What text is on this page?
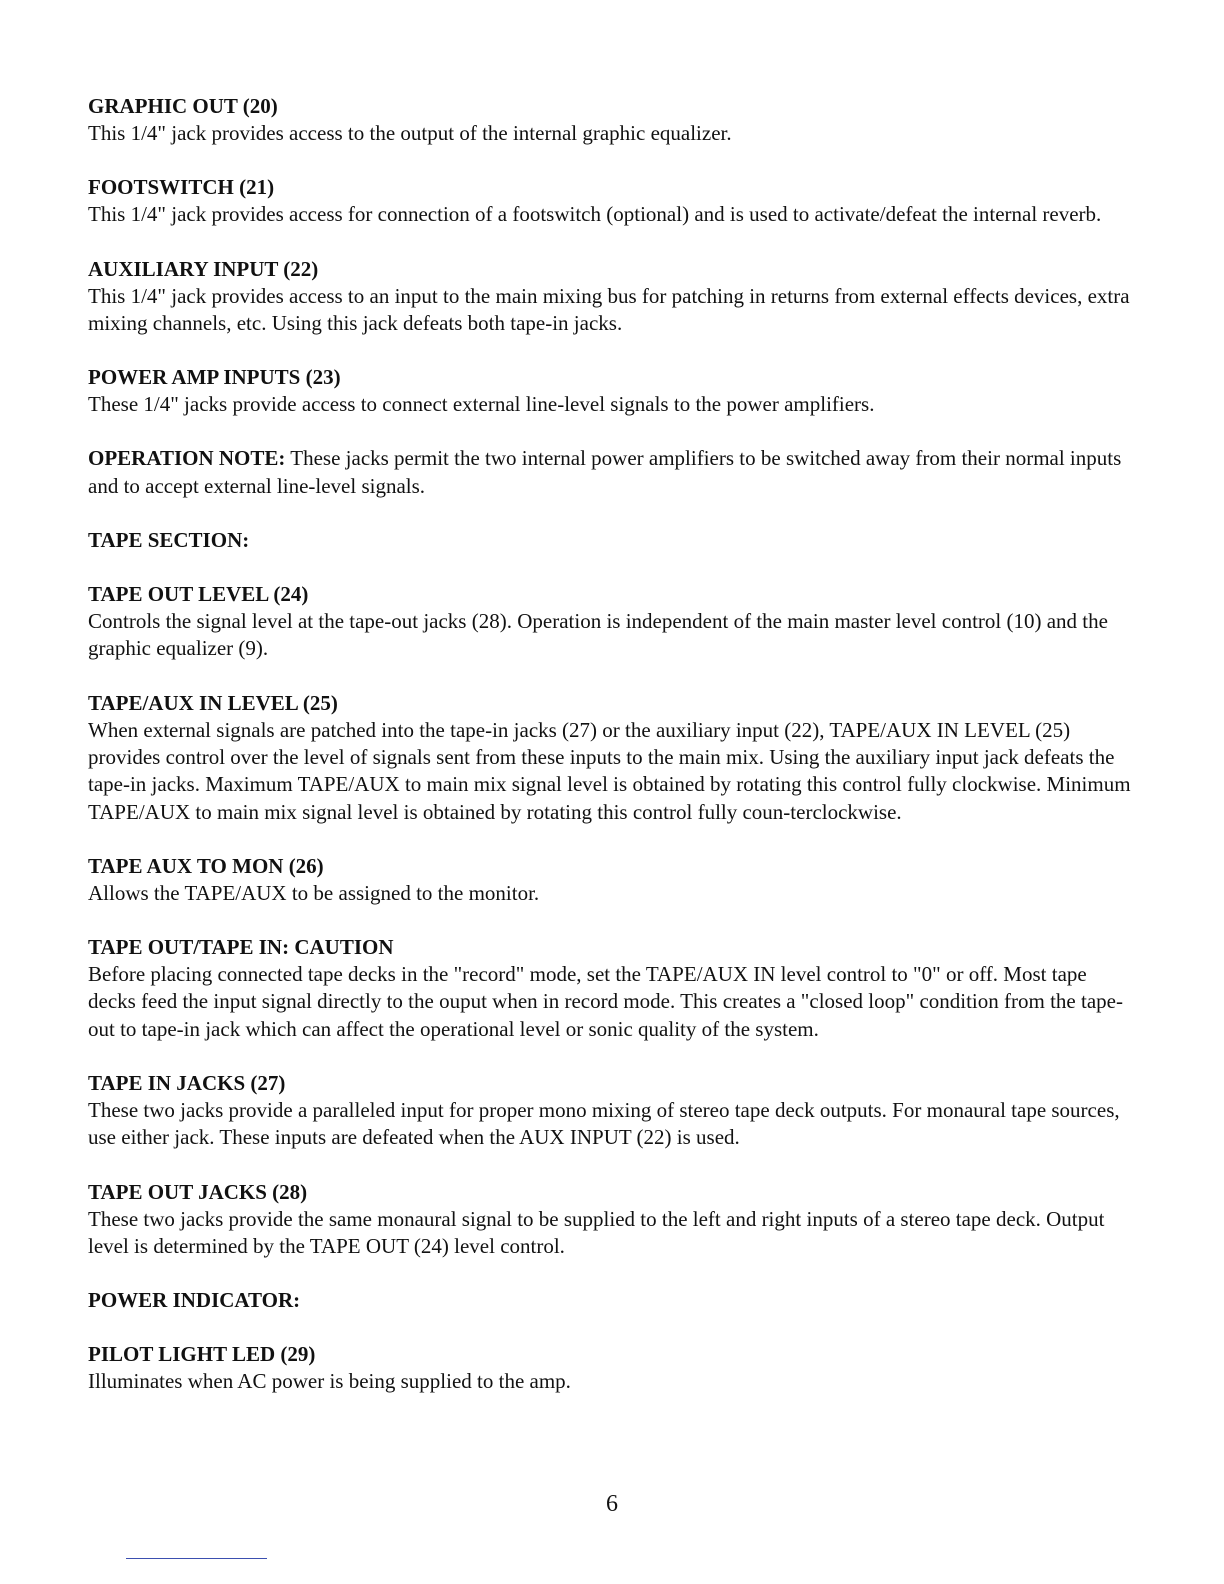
GRAPHIC OUT (20)

This 1/4" jack provides access to the output of the internal graphic equalizer.

FOOTSWITCH (21)

This 1/4" jack provides access for connection of a footswitch (optional) and is used to activate/defeat the internal reverb.

AUXILIARY INPUT (22)

This 1/4" jack provides access to an input to the main mixing bus for patching in returns from external effects devices, extra mixing channels, etc. Using this jack defeats both tape-in jacks.

POWER AMP INPUTS (23)

These 1/4" jacks provide access to connect external line-level signals to the power amplifiers.

OPERATION NOTE: These jacks permit the two internal power amplifiers to be switched away from their normal inputs and to accept external line-level signals.

TAPE SECTION:

TAPE OUT LEVEL (24)

Controls the signal level at the tape-out jacks (28). Operation is independent of the main master level control (10) and the graphic equalizer (9).

TAPE/AUX IN LEVEL (25)

When external signals are patched into the tape-in jacks (27) or the auxiliary input (22), TAPE/AUX IN LEVEL (25) provides control over the level of signals sent from these inputs to the main mix. Using the auxiliary input jack defeats the tape-in jacks. Maximum TAPE/AUX to main mix signal level is obtained by rotating this control fully clockwise. Minimum TAPE/AUX to main mix signal level is obtained by rotating this control fully coun-terclockwise.

TAPE AUX TO MON (26)

Allows the TAPE/AUX to be assigned to the monitor.

TAPE OUT/TAPE IN: CAUTION

Before placing connected tape decks in the "record" mode, set the TAPE/AUX IN level control to "0" or off. Most tape decks feed the input signal directly to the ouput when in record mode. This creates a "closed loop" condition from the tape-out to tape-in jack which can affect the operational level or sonic quality of the system.

TAPE IN JACKS (27)

These two jacks provide a paralleled input for proper mono mixing of stereo tape deck outputs. For monaural tape sources, use either jack. These inputs are defeated when the AUX INPUT (22) is used.

TAPE OUT JACKS (28)

These two jacks provide the same monaural signal to be supplied to the left and right inputs of a stereo tape deck. Output level is determined by the TAPE OUT (24) level control.

POWER INDICATOR:

PILOT LIGHT LED (29)

Illuminates when AC power is being supplied to the amp.

6
